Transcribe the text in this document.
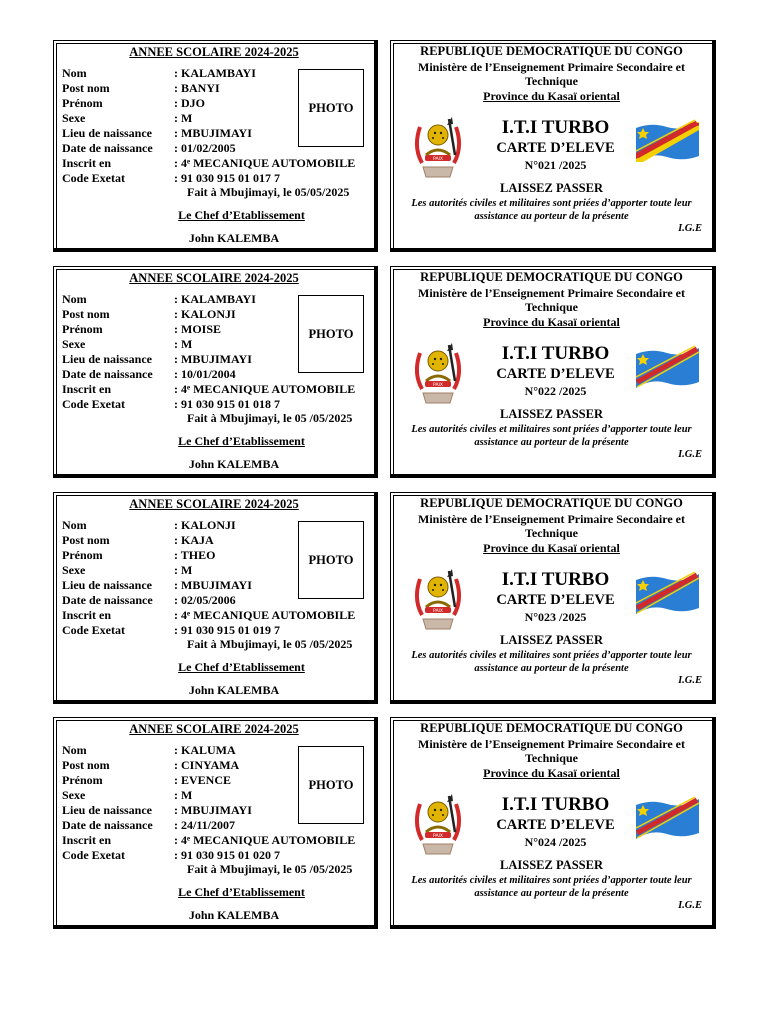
ANNEE SCOLAIRE 2024-2025
Nom	: KALAMBAYI
Post nom	: BANYI
Prénom	: DJO
Sexe	: M
Lieu de naissance	: MBUJIMAYI
Date de naissance	: 01/02/2005
Inscrit en	: 4ᵉ MECANIQUE AUTOMOBILE
Code Exetat	: 91 030 915 01 017 7
PHOTO
Fait à Mbujimayi, le 05/05/2025
Le Chef d’Etablissement
John KALEMBA
REPUBLIQUE DEMOCRATIQUE DU CONGO
Ministère de l’Enseignement Primaire Secondaire et Technique
Province du Kasaï oriental
PAIX
I.T.I TURBO
CARTE D’ELEVE
N°021 /2025
LAISSEZ PASSER
Les autorités civiles et militaires sont priées d’apporter toute leur assistance au porteur de la présente
I.G.E
ANNEE SCOLAIRE 2024-2025
Nom	: KALAMBAYI
Post nom	: KALONJI
Prénom	: MOISE
Sexe	: M
Lieu de naissance	: MBUJIMAYI
Date de naissance	: 10/01/2004
Inscrit en	: 4ᵉ MECANIQUE AUTOMOBILE
Code Exetat	: 91 030 915 01 018 7
PHOTO
Fait à Mbujimayi, le 05 /05/2025
Le Chef d’Etablissement
John KALEMBA
REPUBLIQUE DEMOCRATIQUE DU CONGO
Ministère de l’Enseignement Primaire Secondaire et Technique
Province du Kasaï oriental
PAIX
I.T.I TURBO
CARTE D’ELEVE
N°022 /2025
LAISSEZ PASSER
Les autorités civiles et militaires sont priées d’apporter toute leur assistance au porteur de la présente
I.G.E
ANNEE SCOLAIRE 2024-2025
Nom	: KALONJI
Post nom	: KAJA
Prénom	: THEO
Sexe	: M
Lieu de naissance	: MBUJIMAYI
Date de naissance	: 02/05/2006
Inscrit en	: 4ᵉ MECANIQUE AUTOMOBILE
Code Exetat	: 91 030 915 01 019 7
PHOTO
Fait à Mbujimayi, le 05 /05/2025
Le Chef d’Etablissement
John KALEMBA
REPUBLIQUE DEMOCRATIQUE DU CONGO
Ministère de l’Enseignement Primaire Secondaire et Technique
Province du Kasaï oriental
PAIX
I.T.I TURBO
CARTE D’ELEVE
N°023 /2025
LAISSEZ PASSER
Les autorités civiles et militaires sont priées d’apporter toute leur assistance au porteur de la présente
I.G.E
ANNEE SCOLAIRE 2024-2025
Nom	: KALUMA
Post nom	: CINYAMA
Prénom	: EVENCE
Sexe	: M
Lieu de naissance	: MBUJIMAYI
Date de naissance	: 24/11/2007
Inscrit en	: 4ᵉ MECANIQUE AUTOMOBILE
Code Exetat	: 91 030 915 01 020 7
PHOTO
Fait à Mbujimayi, le 05 /05/2025
Le Chef d’Etablissement
John KALEMBA
REPUBLIQUE DEMOCRATIQUE DU CONGO
Ministère de l’Enseignement Primaire Secondaire et Technique
Province du Kasaï oriental
PAIX
I.T.I TURBO
CARTE D’ELEVE
N°024 /2025
LAISSEZ PASSER
Les autorités civiles et militaires sont priées d’apporter toute leur assistance au porteur de la présente
I.G.E
